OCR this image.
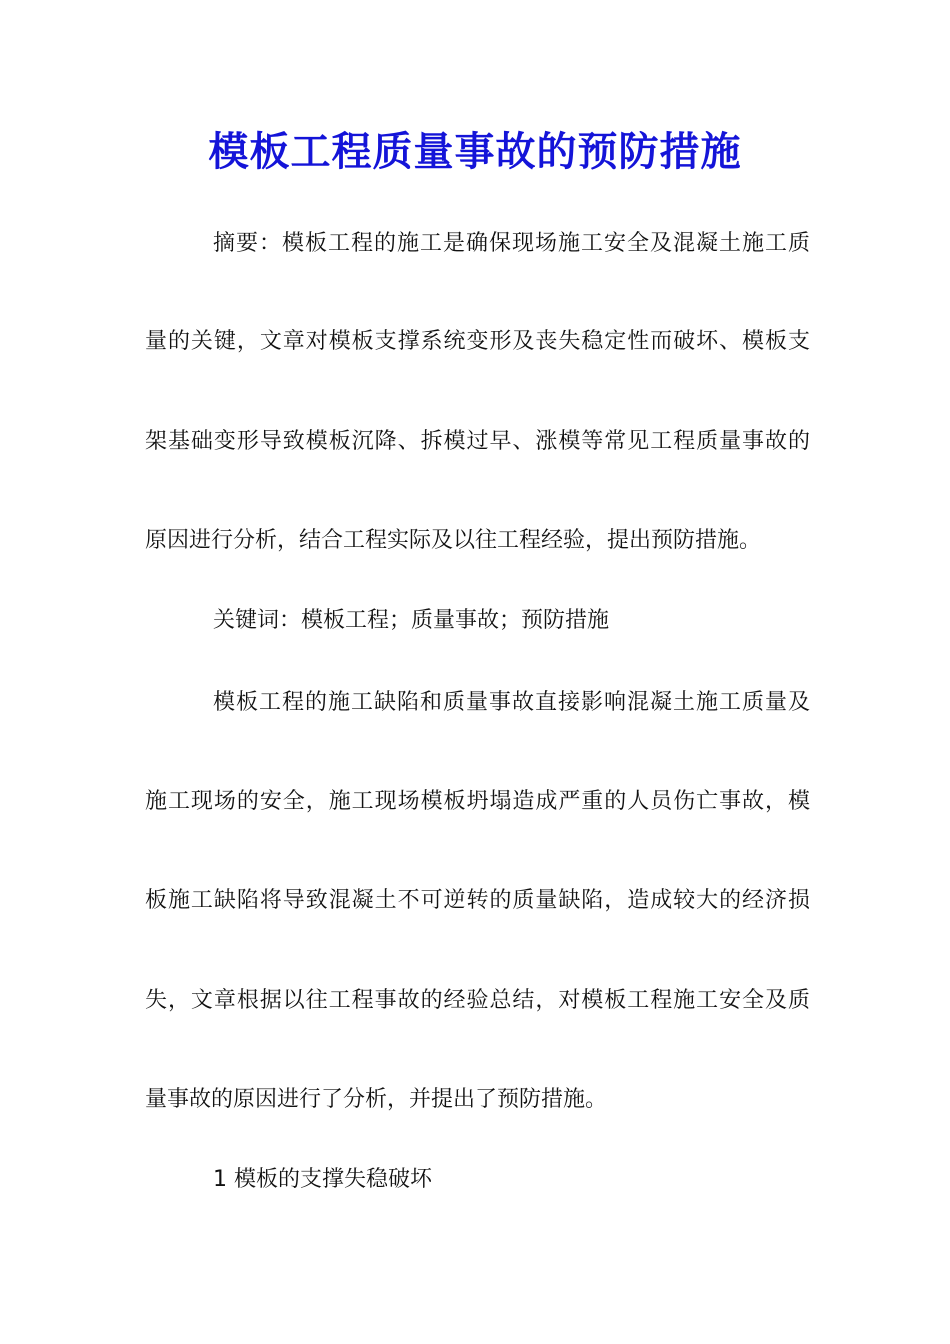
模板工程质量事故的预防措施

摘要：模板工程的施工是确保现场施工安全及混凝土施工质

量的关键，文章对模板支撑系统变形及丧失稳定性而破坏、模板支

架基础变形导致模板沉降、拆模过早、涨模等常见工程质量事故的

原因进行分析，结合工程实际及以往工程经验，提出预防措施。

关键词：模板工程；质量事故；预防措施

模板工程的施工缺陷和质量事故直接影响混凝土施工质量及

施工现场的安全，施工现场模板坍塌造成严重的人员伤亡事故，模

板施工缺陷将导致混凝土不可逆转的质量缺陷，造成较大的经济损

失，文章根据以往工程事故的经验总结，对模板工程施工安全及质

量事故的原因进行了分析，并提出了预防措施。

1 模板的支撑失稳破坏
